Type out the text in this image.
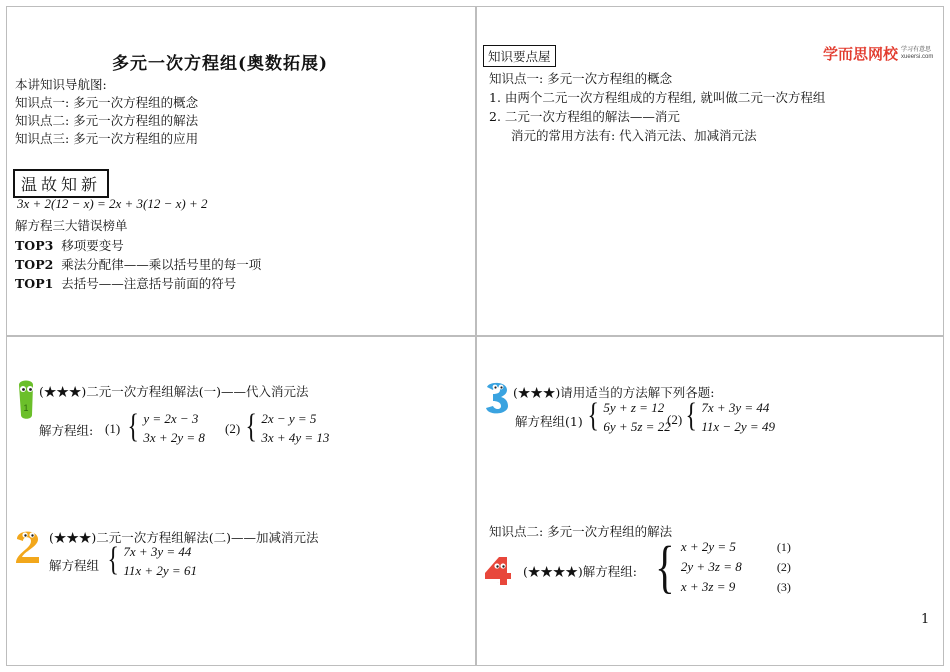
多元一次方程组(奥数拓展)
本讲知识导航图:
知识点一: 多元一次方程组的概念
知识点二: 多元一次方程组的解法
知识点三: 多元一次方程组的应用
温故知新
3x + 2(12 − x) = 2x + 3(12 − x) + 2
解方程三大错误榜单
TOP3 移项要变号
TOP2 乘法分配律——乘以括号里的每一项
TOP1 去括号——注意括号前面的符号
知识要点屋	学而思网校 学习有意思
xueersi.com
知识点一: 多元一次方程组的概念
1. 由两个二元一次方程组成的方程组, 就叫做二元一次方程组
2. 二元一次方程组的解法——消元
消元的常用方法有: 代入消元法、加减消元法
1
(★★★)二元一次方程组解法(一)——代入消元法
解方程组: (1) { y = 2x − 3
3x + 2y = 8
(2) { 2x − y = 5
3x + 4y = 13
2
(★★★)二元一次方程组解法(二)——加减消元法
解方程组 { 7x + 3y = 44
11x + 2y = 61
3
(★★★)请用适当的方法解下列各题:
解方程组(1) { 5y + z = 12
6y + 5z = 22
(2) { 7x + 3y = 44
11x − 2y = 49
知识点二: 多元一次方程组的解法
4
(★★★★)解方程组: { x + 2y = 5	(1)
2y + 3z = 8	(2)
x + 3z = 9	(3)
1
